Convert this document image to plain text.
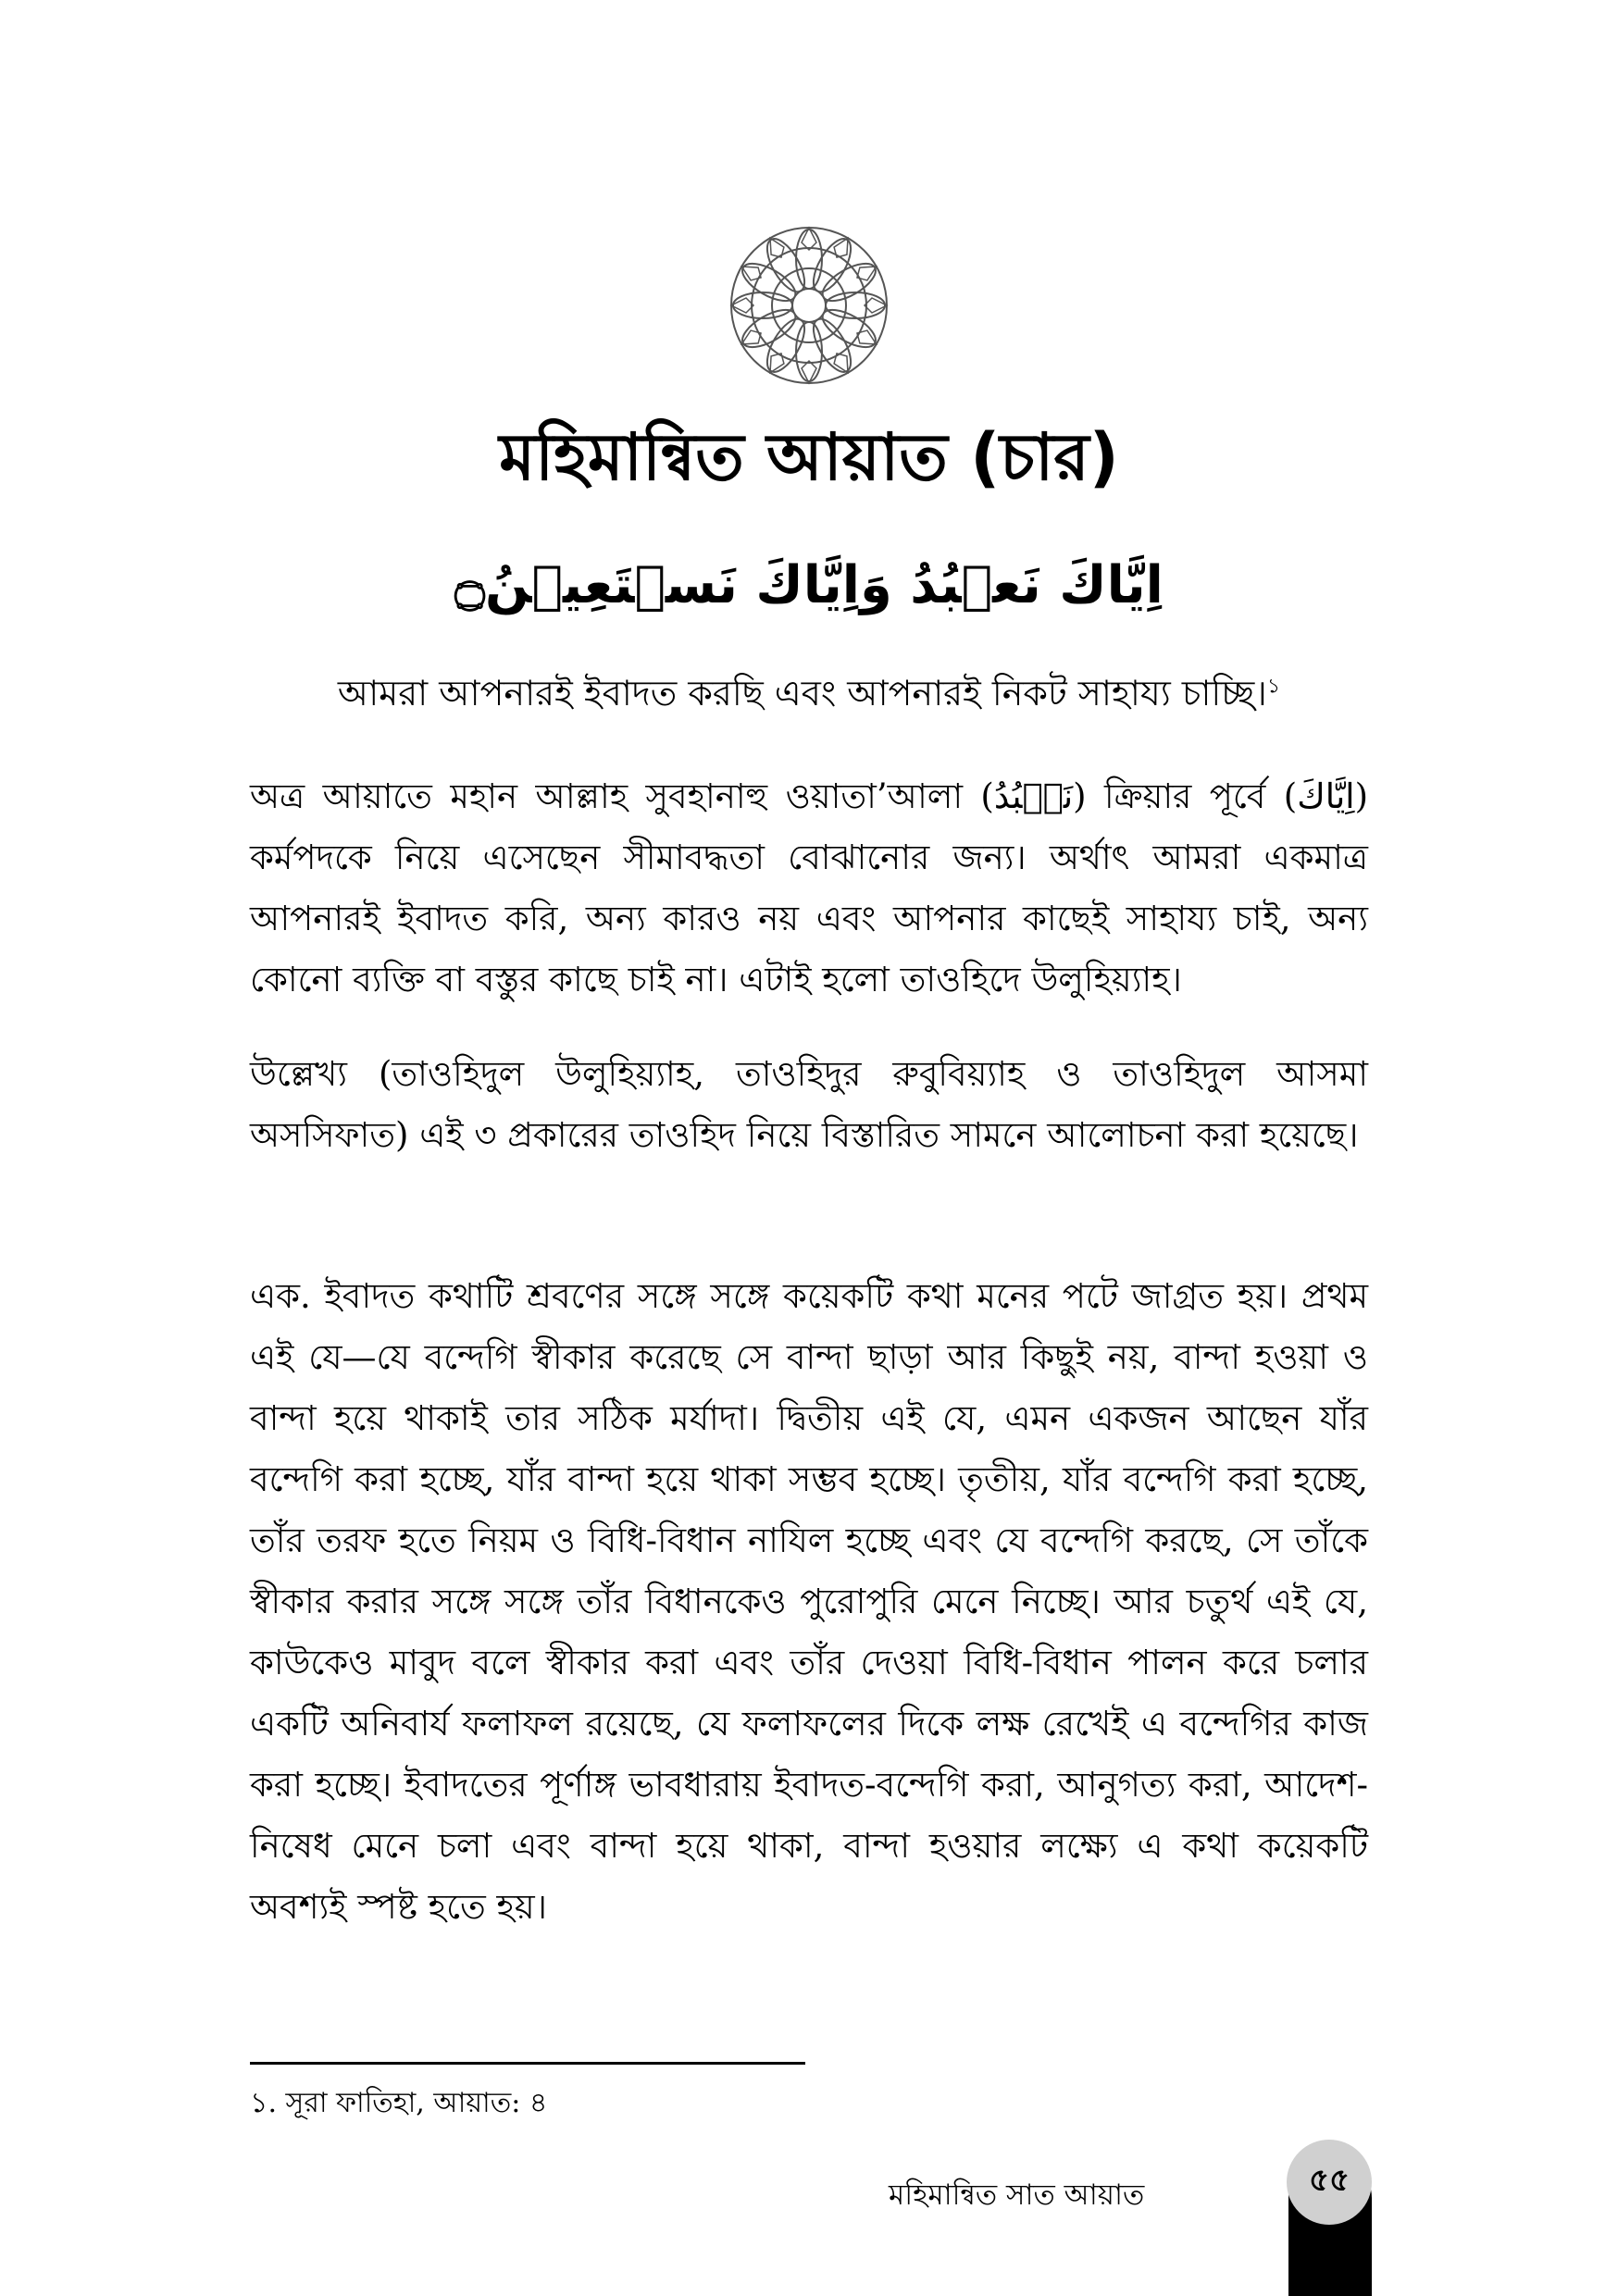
মহিমান্বিত আয়াত (চার)
اِيَّاكَ نَعۡبُدُ وَاِيَّاكَ نَسۡتَعِيۡنُ۝
আমরা আপনারই ইবাদত করছি এবং আপনারই নিকট সাহায্য চাচ্ছি।$^১$
অত্র আয়াতে মহান আল্লাহ সুবহানাহু ওয়াতা’আলা (نَعۡبُدُ) ক্রিয়ার পূর্বে (اِيَّاكَ) কর্মপদকে নিয়ে এসেছেন সীমাবদ্ধতা বোঝানোর জন্য। অর্থাৎ আমরা একমাত্র আপনারই ইবাদত করি, অন্য কারও নয় এবং আপনার কাছেই সাহায্য চাই, অন্য কোনো ব্যক্তি বা বস্তুর কাছে চাই না। এটাই হলো তাওহিদে উলুহিয়্যাহ।
উল্লেখ্য (তাওহিদুল উলুহিয়্যাহ, তাওহিদুর রুবুবিয়্যাহ ও তাওহিদুল আসমা অসসিফাত) এই ৩ প্রকারের তাওহিদ নিয়ে বিস্তারিত সামনে আলোচনা করা হয়েছে।
এক. ইবাদত কথাটি শ্রবণের সঙ্গে সঙ্গে কয়েকটি কথা মনের পটে জাগ্রত হয়। প্রথম এই যে—যে বন্দেগি স্বীকার করেছে সে বান্দা ছাড়া আর কিছুই নয়, বান্দা হওয়া ও বান্দা হয়ে থাকাই তার সঠিক মর্যাদা। দ্বিতীয় এই যে, এমন একজন আছেন যাঁর বন্দেগি করা হচ্ছে, যাঁর বান্দা হয়ে থাকা সম্ভব হচ্ছে। তৃতীয়, যাঁর বন্দেগি করা হচ্ছে, তাঁর তরফ হতে নিয়ম ও বিধি-বিধান নাযিল হচ্ছে এবং যে বন্দেগি করছে, সে তাঁকে স্বীকার করার সঙ্গে সঙ্গে তাঁর বিধানকেও পুরোপুরি মেনে নিচ্ছে। আর চতুর্থ এই যে, কাউকেও মাবুদ বলে স্বীকার করা এবং তাঁর দেওয়া বিধি-বিধান পালন করে চলার একটি অনিবার্য ফলাফল রয়েছে, যে ফলাফলের দিকে লক্ষ রেখেই এ বন্দেগির কাজ করা হচ্ছে। ইবাদতের পূর্ণাঙ্গ ভাবধারায় ইবাদত-বন্দেগি করা, আনুগত্য করা, আদেশ-নিষেধ মেনে চলা এবং বান্দা হয়ে থাকা, বান্দা হওয়ার লক্ষ্যে এ কথা কয়েকটি অবশ্যই স্পষ্ট হতে হয়।
১. সূরা ফাতিহা, আয়াত: ৪
মহিমান্বিত সাত আয়াত	৫৫
